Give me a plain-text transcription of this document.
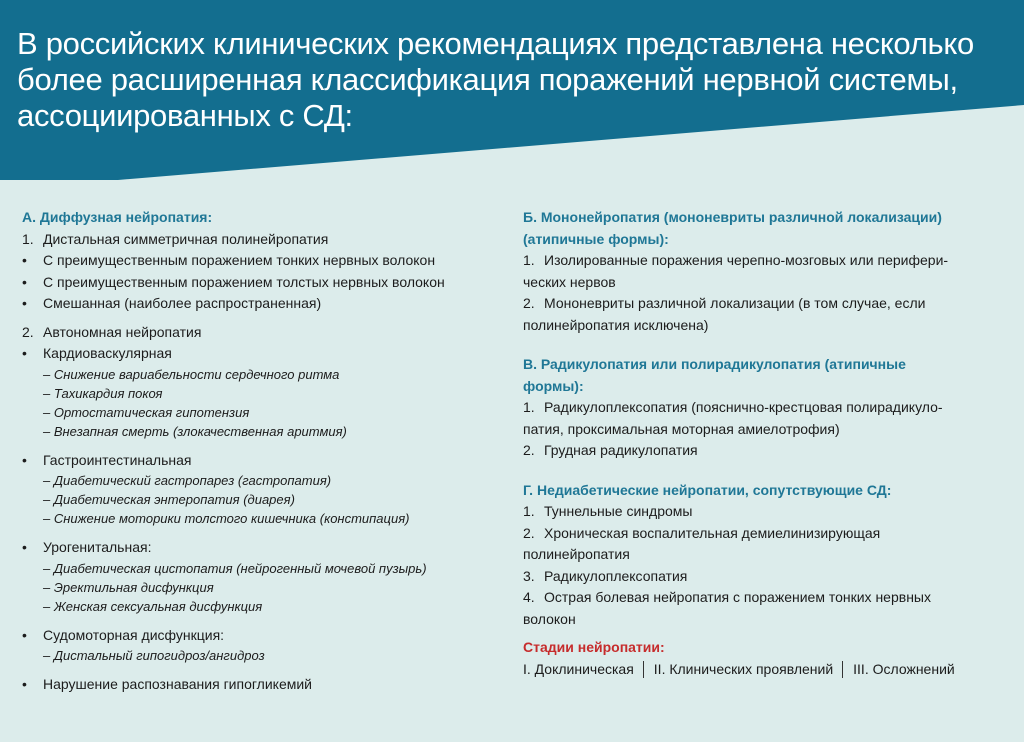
В российских клинических рекомендациях представлена несколько более расширенная классификация поражений нервной системы, ассоциированных с СД:
А. Диффузная нейропатия:
1. Дистальная симметричная полинейропатия
• С преимущественным поражением тонких нервных волокон
• С преимущественным поражением толстых нервных волокон
• Смешанная (наиболее распространенная)
2. Автономная нейропатия
• Кардиоваскулярная
– Снижение вариабельности сердечного ритма
– Тахикардия покоя
– Ортостатическая гипотензия
– Внезапная смерть (злокачественная аритмия)
• Гастроинтестинальная
– Диабетический гастропарез (гастропатия)
– Диабетическая энтеропатия (диарея)
– Снижение моторики толстого кишечника (констипация)
• Урогенитальная:
– Диабетическая цистопатия (нейрогенный мочевой пузырь)
– Эректильная дисфункция
– Женская сексуальная дисфункция
• Судомоторная дисфункция:
– Дистальный гипогидроз/ангидроз
• Нарушение распознавания гипогликемий
Б. Мононейропатия (мононевриты различной локализации)
(атипичные формы):
1. Изолированные поражения черепно-мозговых или перифери-
ческих нервов
2. Мононевриты различной локализации (в том случае, если
полинейропатия исключена)
В. Радикулопатия или полирадикулопатия (атипичные
формы):
1. Радикулоплексопатия (пояснично-крестцовая полирадикуло-
патия, проксимальная моторная амиелотрофия)
2. Грудная радикулопатия
Г. Недиабетические нейропатии, сопутствующие СД:
1. Туннельные синдромы
2. Хроническая воспалительная демиелинизирующая
полинейропатия
3. Радикулоплексопатия
4. Острая болевая нейропатия с поражением тонких нервных
волокон
Стадии нейропатии:
I. Доклиническая II. Клинических проявлений III. Осложнений
